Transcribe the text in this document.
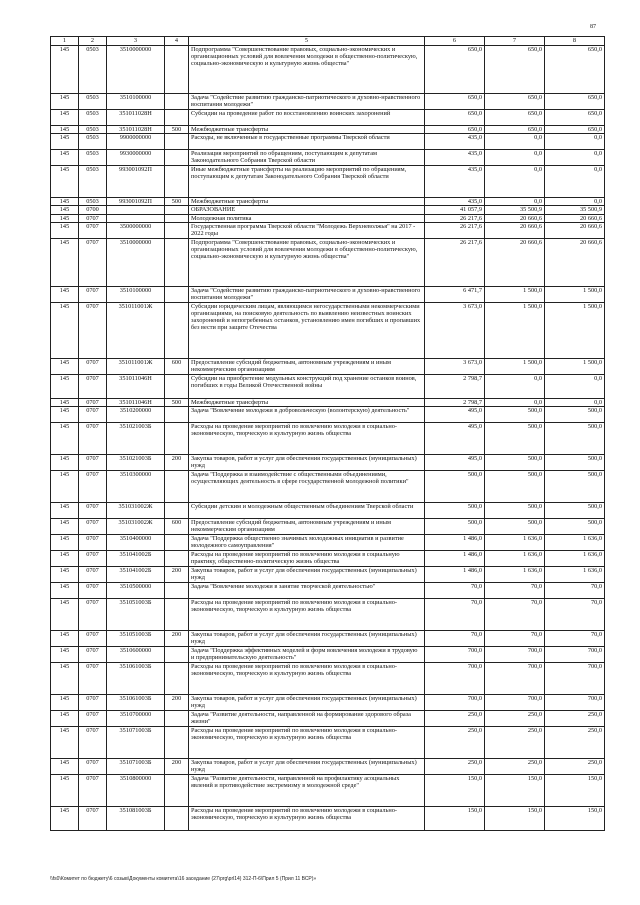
87
1	2	3	4	5	6	7	8
145	0503	3510000000		Подпрограмма "Совершенствование правовых, социально-экономических и организационных условий для вовлечения молодежи в общественно-политическую, социально-экономическую и культурную жизнь общества"	650,0	650,0	650,0
145	0503	3510100000		Задача "Содействие развитию гражданско-патриотического и духовно-нравственного воспитания молодежи"	650,0	650,0	650,0
145	0503	351011028Н		Субсидии на проведение работ по восстановлению воинских захоронений	650,0	650,0	650,0
145	0503	351011028Н	500	Межбюджетные трансферты	650,0	650,0	650,0
145	0503	9900000000		Расходы, не включенные в государственные программы Тверской области	435,0	0,0	0,0
145	0503	9930000000		Реализация мероприятий по обращениям, поступающим к депутатам Законодательного Собрания Тверской области	435,0	0,0	0,0
145	0503	993001092П		Иные межбюджетные трансферты на реализацию мероприятий по обращениям, поступающим к депутатам Законодательного Собрания Тверской области	435,0	0,0	0,0
145	0503	993001092П	500	Межбюджетные трансферты	435,0	0,0	0,0
145	0700			ОБРАЗОВАНИЕ	41 057,9	35 500,9	35 500,9
145	0707			Молодежная политика	26 217,6	20 660,6	20 660,6
145	0707	3500000000		Государственная программа Тверской области "Молодежь Верхневолжья" на 2017 - 2022 годы	26 217,6	20 660,6	20 660,6
145	0707	3510000000		Подпрограмма "Совершенствование правовых, социально-экономических и организационных условий для вовлечения молодежи в общественно-политическую, социально-экономическую и культурную жизнь общества"	26 217,6	20 660,6	20 660,6
145	0707	3510100000		Задача "Содействие развитию гражданско-патриотического и духовно-нравственного воспитания молодежи"	6 471,7	1 500,0	1 500,0
145	0707	351011001Ж		Субсидии юридическим лицам, являющимся негосударственными некоммерческими организациями, на поисковую деятельность по выявлению неизвестных воинских захоронений и непогребенных останков, установлению имен погибших и пропавших без вести при защите Отечества	3 673,0	1 500,0	1 500,0
145	0707	351011001Ж	600	Предоставление субсидий бюджетным, автономным учреждениям и иным некоммерческим организациям	3 673,0	1 500,0	1 500,0
145	0707	351011046Н		Субсидии на приобретение модульных конструкций под хранение останков воинов, погибших в годы Великой Отечественной войны	2 798,7	0,0	0,0
145	0707	351011046Н	500	Межбюджетные трансферты	2 798,7	0,0	0,0
145	0707	3510200000		Задача "Вовлечение молодежи в добровольческую (волонтерскую) деятельность"	495,0	500,0	500,0
145	0707	351021003Б		Расходы на проведение мероприятий по вовлечению молодежи в социально-экономическую, творческую и культурную жизнь общества	495,0	500,0	500,0
145	0707	351021003Б	200	Закупка товаров, работ и услуг для обеспечения государственных (муниципальных) нужд	495,0	500,0	500,0
145	0707	3510300000		Задача "Поддержка и взаимодействие с общественными объединениями, осуществляющих деятельность в сфере государственной молодежной политики"	500,0	500,0	500,0
145	0707	351031002Ж		Субсидии детским и молодежным общественным объединениям Тверской области	500,0	500,0	500,0
145	0707	351031002Ж	600	Предоставление субсидий бюджетным, автономным учреждениям и иным некоммерческим организациям	500,0	500,0	500,0
145	0707	3510400000		Задача "Поддержка общественно значимых молодежных инициатив и развитие молодежного самоуправления"	1 486,0	1 636,0	1 636,0
145	0707	351041002Б		Расходы на проведение мероприятий по вовлечению молодежи в социальную практику, общественно-политическую жизнь общества	1 486,0	1 636,0	1 636,0
145	0707	351041002Б	200	Закупка товаров, работ и услуг для обеспечения государственных (муниципальных) нужд	1 486,0	1 636,0	1 636,0
145	0707	3510500000		Задача "Вовлечение молодежи в занятие творческой деятельностью"	70,0	70,0	70,0
145	0707	351051003Б		Расходы на проведение мероприятий по вовлечению молодежи в социально-экономическую, творческую и культурную жизнь общества	70,0	70,0	70,0
145	0707	351051003Б	200	Закупка товаров, работ и услуг для обеспечения государственных (муниципальных) нужд	70,0	70,0	70,0
145	0707	3510600000		Задача "Поддержка эффективных моделей и форм вовлечения молодежи в трудовую и предпринимательскую деятельность"	700,0	700,0	700,0
145	0707	351061003Б		Расходы на проведение мероприятий по вовлечению молодежи в социально-экономическую, творческую и культурную жизнь общества	700,0	700,0	700,0
145	0707	351061003Б	200	Закупка товаров, работ и услуг для обеспечения государственных (муниципальных) нужд	700,0	700,0	700,0
145	0707	3510700000		Задача "Развитие деятельности, направленной на формирование здорового образа жизни"	250,0	250,0	250,0
145	0707	351071003Б		Расходы на проведение мероприятий по вовлечению молодежи в социально-экономическую, творческую и культурную жизнь общества	250,0	250,0	250,0
145	0707	351071003Б	200	Закупка товаров, работ и услуг для обеспечения государственных (муниципальных) нужд	250,0	250,0	250,0
145	0707	3510800000		Задача "Развитие деятельности, направленной на профилактику асоциальных явлений и противодействие экстремизму в молодежной среде"	150,0	150,0	150,0
145	0707	351081003Б		Расходы на проведение мероприятий по вовлечению молодежи в социально-экономическую, творческую и культурную жизнь общества	150,0	150,0	150,0
\\fs0\Комитет по бюджету\6 созыв\Документы комитета\16 заседание (27\prg\prl14) 312-П-6\Прил 5 (Прил 11 ВСР)»
